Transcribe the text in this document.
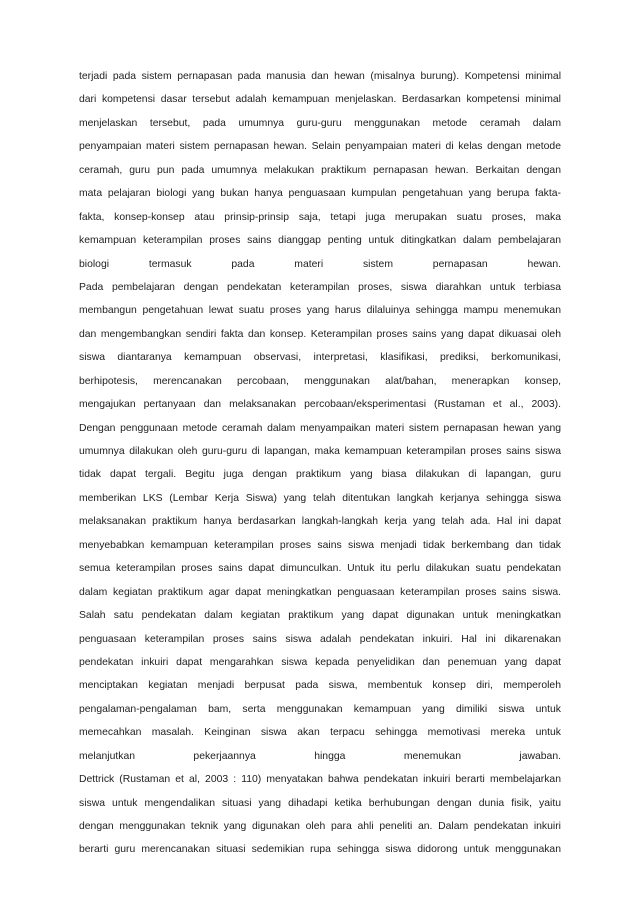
terjadi pada sistem pernapasan pada manusia dan hewan (misalnya burung). Kompetensi minimal
dari kompetensi dasar tersebut adalah kemampuan menjelaskan. Berdasarkan kompetensi minimal
menjelaskan tersebut, pada umumnya guru-guru menggunakan metode ceramah dalam
penyampaian materi sistem pernapasan hewan. Selain penyampaian materi di kelas dengan metode
ceramah, guru pun pada umumnya melakukan praktikum pernapasan hewan. Berkaitan dengan
mata pelajaran biologi yang bukan hanya penguasaan kumpulan pengetahuan yang berupa fakta-
fakta, konsep-konsep atau prinsip-prinsip saja, tetapi juga merupakan suatu proses, maka
kemampuan keterampilan proses sains dianggap penting untuk ditingkatkan dalam pembelajaran
biologi termasuk pada materi sistem pernapasan hewan.
Pada pembelajaran dengan pendekatan keterampilan proses, siswa diarahkan untuk terbiasa
membangun pengetahuan lewat suatu proses yang harus dilaluinya sehingga mampu menemukan
dan mengembangkan sendiri fakta dan konsep. Keterampilan proses sains yang dapat dikuasai oleh
siswa diantaranya kemampuan observasi, interpretasi, klasifikasi, prediksi, berkomunikasi,
berhipotesis, merencanakan percobaan, menggunakan alat/bahan, menerapkan konsep,
mengajukan pertanyaan dan melaksanakan percobaan/eksperimentasi (Rustaman et al., 2003).
Dengan penggunaan metode ceramah dalam menyampaikan materi sistem pernapasan hewan yang
umumnya dilakukan oleh guru-guru di lapangan, maka kemampuan keterampilan proses sains siswa
tidak dapat tergali. Begitu juga dengan praktikum yang biasa dilakukan di lapangan, guru
memberikan LKS (Lembar Kerja Siswa) yang telah ditentukan langkah kerjanya sehingga siswa
melaksanakan praktikum hanya berdasarkan langkah-langkah kerja yang telah ada. Hal ini dapat
menyebabkan kemampuan keterampilan proses sains siswa menjadi tidak berkembang dan tidak
semua keterampilan proses sains dapat dimunculkan. Untuk itu perlu dilakukan suatu pendekatan
dalam kegiatan praktikum agar dapat meningkatkan penguasaan keterampilan proses sains siswa.
Salah satu pendekatan dalam kegiatan praktikum yang dapat digunakan untuk meningkatkan
penguasaan keterampilan proses sains siswa adalah pendekatan inkuiri. Hal ini dikarenakan
pendekatan inkuiri dapat mengarahkan siswa kepada penyelidikan dan penemuan yang dapat
menciptakan kegiatan menjadi berpusat pada siswa, membentuk konsep diri, memperoleh
pengalaman-pengalaman bam, serta menggunakan kemampuan yang dimiliki siswa untuk
memecahkan masalah. Keinginan siswa akan terpacu sehingga memotivasi mereka untuk
melanjutkan pekerjaannya hingga menemukan jawaban.
Dettrick (Rustaman et al, 2003 : 110) menyatakan bahwa pendekatan inkuiri berarti membelajarkan
siswa untuk mengendalikan situasi yang dihadapi ketika berhubungan dengan dunia fisik, yaitu
dengan menggunakan teknik yang digunakan oleh para ahli peneliti an. Dalam pendekatan inkuiri
berarti guru merencanakan situasi sedemikian rupa sehingga siswa didorong untuk menggunakan
